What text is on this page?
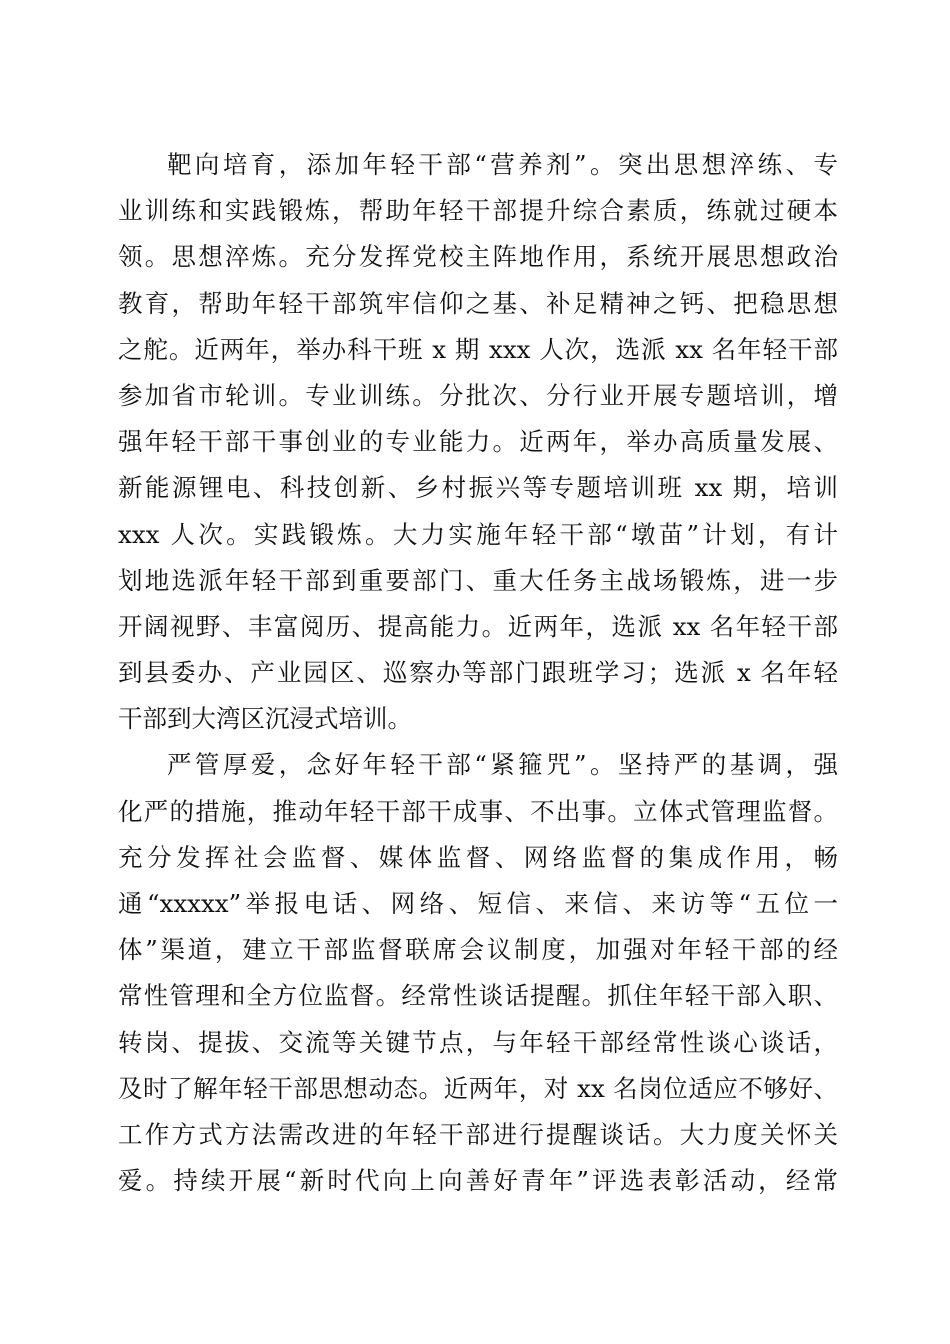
靶向培育，添加年轻干部“营养剂”。突出思想淬练、专
业训练和实践锻炼，帮助年轻干部提升综合素质，练就过硬本
领。思想淬炼。充分发挥党校主阵地作用，系统开展思想政治
教育，帮助年轻干部筑牢信仰之基、补足精神之钙、把稳思想
之舵。近两年，举办科干班 x 期 xxx 人次，选派 xx 名年轻干部
参加省市轮训。专业训练。分批次、分行业开展专题培训，增
强年轻干部干事创业的专业能力。近两年，举办高质量发展、
新能源锂电、科技创新、乡村振兴等专题培训班 xx 期，培训
xxx 人次。实践锻炼。大力实施年轻干部“墩苗”计划，有计
划地选派年轻干部到重要部门、重大任务主战场锻炼，进一步
开阔视野、丰富阅历、提高能力。近两年，选派 xx 名年轻干部
到县委办、产业园区、巡察办等部门跟班学习；选派 x 名年轻
干部到大湾区沉浸式培训。
严管厚爱，念好年轻干部“紧箍咒”。坚持严的基调，强
化严的措施，推动年轻干部干成事、不出事。立体式管理监督。
充分发挥社会监督、媒体监督、网络监督的集成作用，畅
通“xxxxx”举报电话、网络、短信、来信、来访等“五位一
体”渠道，建立干部监督联席会议制度，加强对年轻干部的经
常性管理和全方位监督。经常性谈话提醒。抓住年轻干部入职、
转岗、提拔、交流等关键节点，与年轻干部经常性谈心谈话，
及时了解年轻干部思想动态。近两年，对 xx 名岗位适应不够好、
工作方式方法需改进的年轻干部进行提醒谈话。大力度关怀关
爱。持续开展“新时代向上向善好青年”评选表彰活动，经常
